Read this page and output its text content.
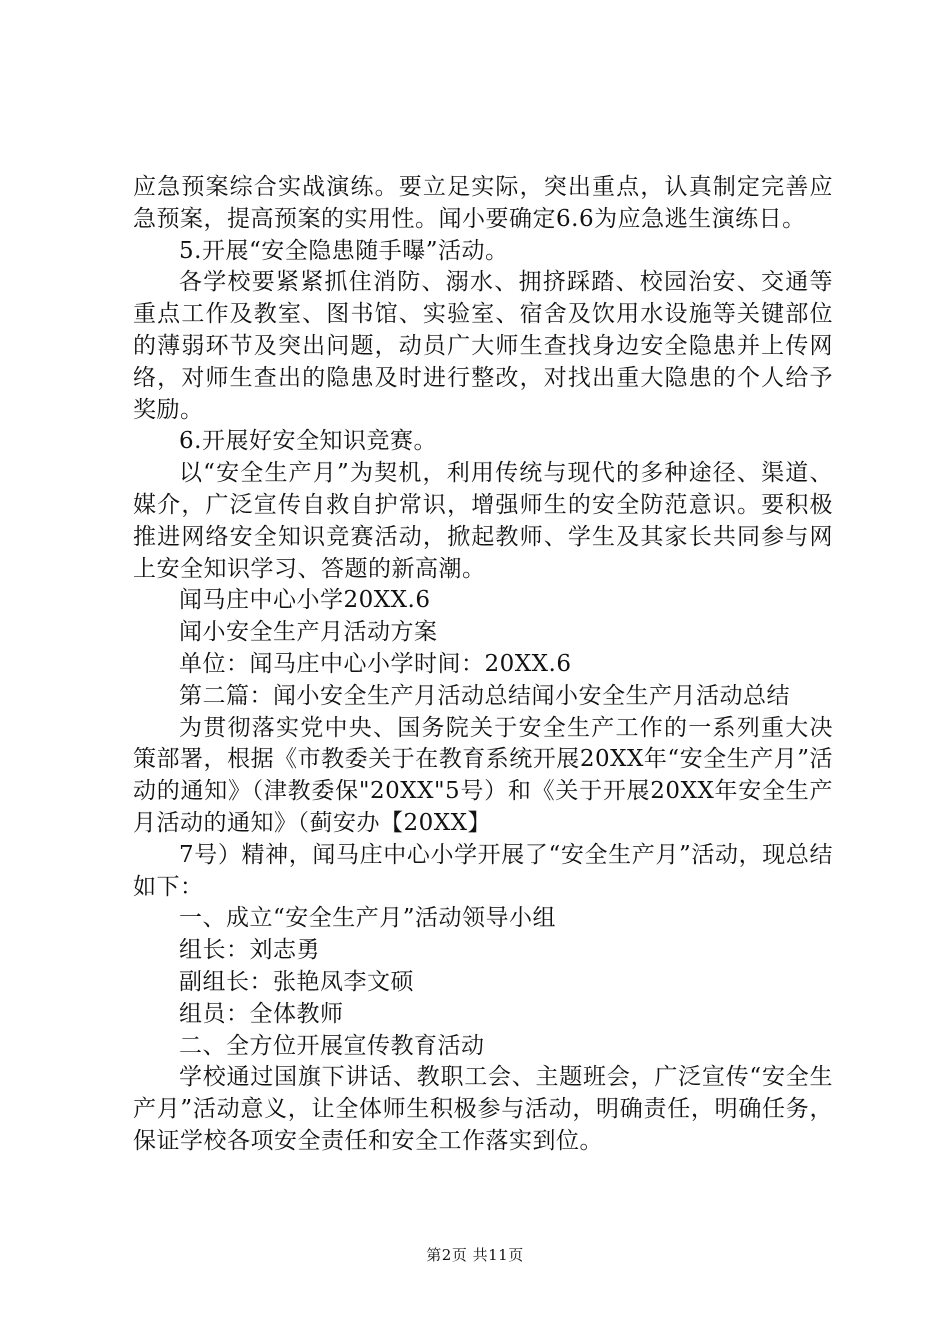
应急预案综合实战演练。要立足实际，突出重点，认真制定完善应急预案，提高预案的实用性。闻小要确定6.6为应急逃生演练日。

5.开展“安全隐患随手曝”活动。

各学校要紧紧抓住消防、溺水、拥挤踩踏、校园治安、交通等重点工作及教室、图书馆、实验室、宿舍及饮用水设施等关键部位的薄弱环节及突出问题，动员广大师生查找身边安全隐患并上传网络，对师生查出的隐患及时进行整改，对找出重大隐患的个人给予奖励。

6.开展好安全知识竞赛。

以“安全生产月”为契机，利用传统与现代的多种途径、渠道、媒介，广泛宣传自救自护常识，增强师生的安全防范意识。要积极推进网络安全知识竞赛活动，掀起教师、学生及其家长共同参与网上安全知识学习、答题的新高潮。

闻马庄中心小学20XX.6

闻小安全生产月活动方案

单位：闻马庄中心小学时间：20XX.6

第二篇：闻小安全生产月活动总结闻小安全生产月活动总结

为贯彻落实党中央、国务院关于安全生产工作的一系列重大决策部署，根据《市教委关于在教育系统开展20XX年“安全生产月”活动的通知》（津教委保"20XX"5号）和《关于开展20XX年安全生产月活动的通知》（蓟安办【20XX】

7号）精神，闻马庄中心小学开展了“安全生产月”活动，现总结如下：

一、成立“安全生产月”活动领导小组

组长：刘志勇

副组长：张艳凤李文硕

组员：全体教师

二、全方位开展宣传教育活动

学校通过国旗下讲话、教职工会、主题班会，广泛宣传“安全生产月”活动意义，让全体师生积极参与活动，明确责任，明确任务，保证学校各项安全责任和安全工作落实到位。

第2页 共11页
